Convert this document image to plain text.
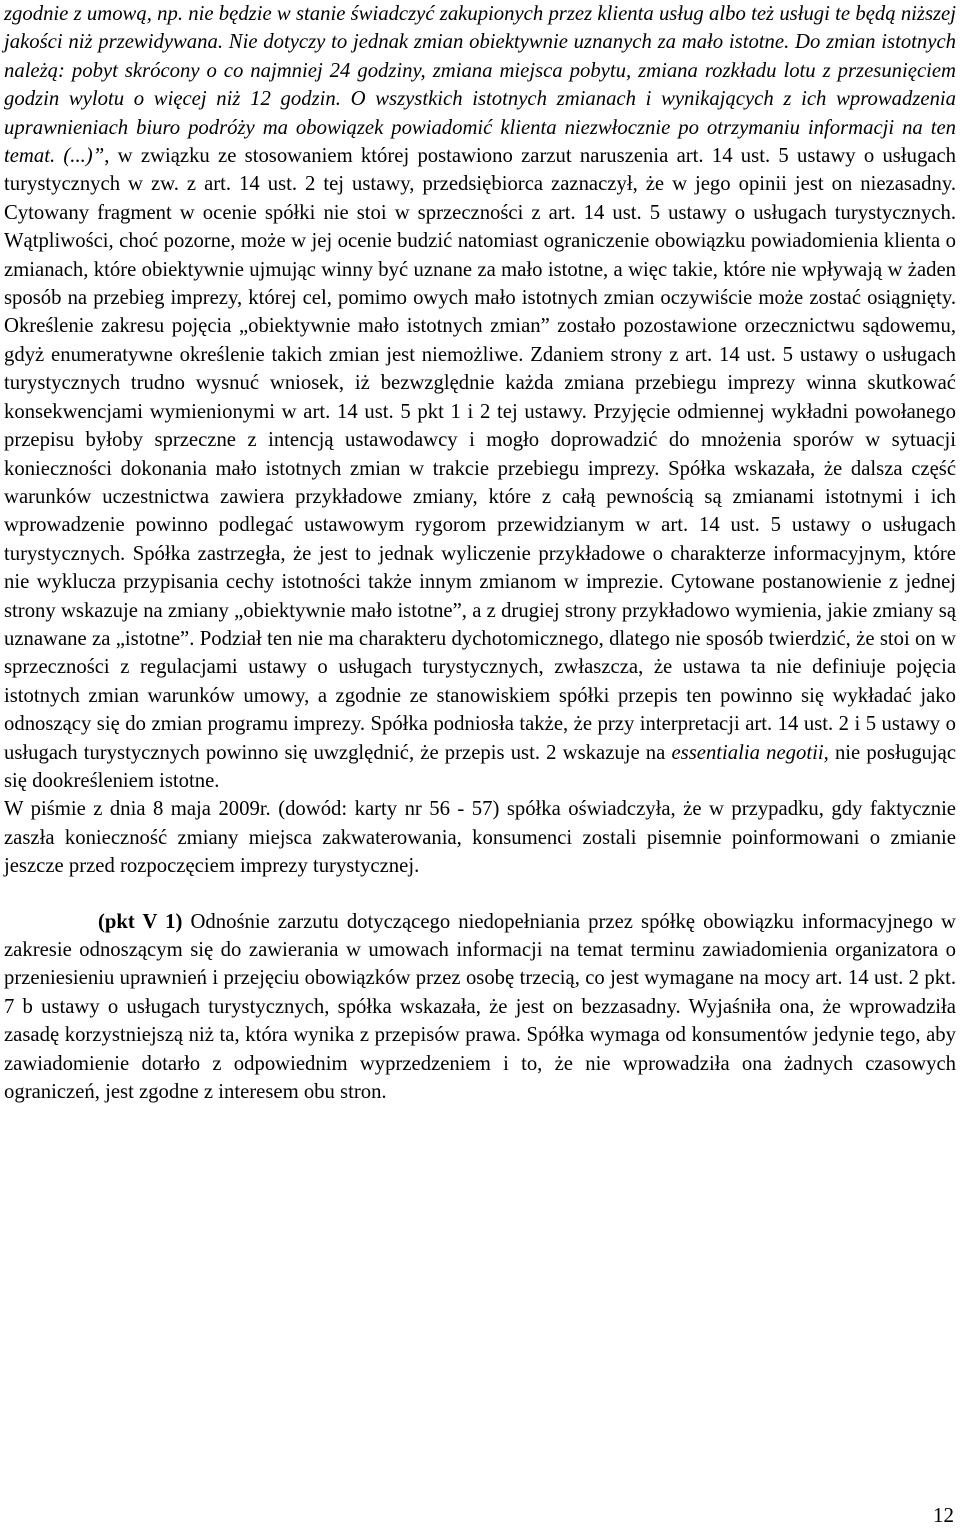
zgodnie z umową, np. nie będzie w stanie świadczyć zakupionych przez klienta usług albo też usługi te będą niższej jakości niż przewidywana. Nie dotyczy to jednak zmian obiektywnie uznanych za mało istotne. Do zmian istotnych należą: pobyt skrócony o co najmniej 24 godziny, zmiana miejsca pobytu, zmiana rozkładu lotu z przesunięciem godzin wylotu o więcej niż 12 godzin. O wszystkich istotnych zmianach i wynikających z ich wprowadzenia uprawnieniach biuro podróży ma obowiązek powiadomić klienta niezwłocznie po otrzymaniu informacji na ten temat. (...)”, w związku ze stosowaniem której postawiono zarzut naruszenia art. 14 ust. 5 ustawy o usługach turystycznych w zw. z art. 14 ust. 2 tej ustawy, przedsiębiorca zaznaczył, że w jego opinii jest on niezasadny. Cytowany fragment w ocenie spółki nie stoi w sprzeczności z art. 14 ust. 5 ustawy o usługach turystycznych. Wątpliwości, choć pozorne, może w jej ocenie budzić natomiast ograniczenie obowiązku powiadomienia klienta o zmianach, które obiektywnie ujmując winny być uznane za mało istotne, a więc takie, które nie wpływają w żaden sposób na przebieg imprezy, której cel, pomimo owych mało istotnych zmian oczywiście może zostać osiągnięty. Określenie zakresu pojęcia „obiektywnie mało istotnych zmian” zostało pozostawione orzecznictwu sądowemu, gdyż enumeratywne określenie takich zmian jest niemożliwe. Zdaniem strony z art. 14 ust. 5 ustawy o usługach turystycznych trudno wysnuć wniosek, iż bezwzględnie każda zmiana przebiegu imprezy winna skutkować konsekwencjami wymienionymi w art. 14 ust. 5 pkt 1 i 2 tej ustawy. Przyjęcie odmiennej wykładni powołanego przepisu byłoby sprzeczne z intencją ustawodawcy i mogło doprowadzić do mnożenia sporów w sytuacji konieczności dokonania mało istotnych zmian w trakcie przebiegu imprezy. Spółka wskazała, że dalsza część warunków uczestnictwa zawiera przykładowe zmiany, które z całą pewnością są zmianami istotnymi i ich wprowadzenie powinno podlegać ustawowym rygorom przewidzianym w art. 14 ust. 5 ustawy o usługach turystycznych. Spółka zastrzegła, że jest to jednak wyliczenie przykładowe o charakterze informacyjnym, które nie wyklucza przypisania cechy istotności także innym zmianom w imprezie. Cytowane postanowienie z jednej strony wskazuje na zmiany „obiektywnie mało istotne”, a z drugiej strony przykładowo wymienia, jakie zmiany są uznawane za „istotne”. Podział ten nie ma charakteru dychotomicznego, dlatego nie sposób twierdzić, że stoi on w sprzeczności z regulacjami ustawy o usługach turystycznych, zwłaszcza, że ustawa ta nie definiuje pojęcia istotnych zmian warunków umowy, a zgodnie ze stanowiskiem spółki przepis ten powinno się wykładać jako odnoszący się do zmian programu imprezy. Spółka podniosła także, że przy interpretacji art. 14 ust. 2 i 5 ustawy o usługach turystycznych powinno się uwzględnić, że przepis ust. 2 wskazuje na essentialia negotii, nie posługując się dookreśleniem istotne.

W piśmie z dnia 8 maja 2009r. (dowód: karty nr 56 - 57) spółka oświadczyła, że w przypadku, gdy faktycznie zaszła konieczność zmiany miejsca zakwaterowania, konsumenci zostali pisemnie poinformowani o zmianie jeszcze przed rozpoczęciem imprezy turystycznej.

(pkt V 1) Odnośnie zarzutu dotyczącego niedopełniania przez spółkę obowiązku informacyjnego w zakresie odnoszącym się do zawierania w umowach informacji na temat terminu zawiadomienia organizatora o przeniesieniu uprawnień i przejęciu obowiązków przez osobę trzecią, co jest wymagane na mocy art. 14 ust. 2 pkt. 7 b ustawy o usługach turystycznych, spółka wskazała, że jest on bezzasadny. Wyjaśniła ona, że wprowadziła zasadę korzystniejszą niż ta, która wynika z przepisów prawa. Spółka wymaga od konsumentów jedynie tego, aby zawiadomienie dotarło z odpowiednim wyprzedzeniem i to, że nie wprowadziła ona żadnych czasowych ograniczeń, jest zgodne z interesem obu stron.

12
